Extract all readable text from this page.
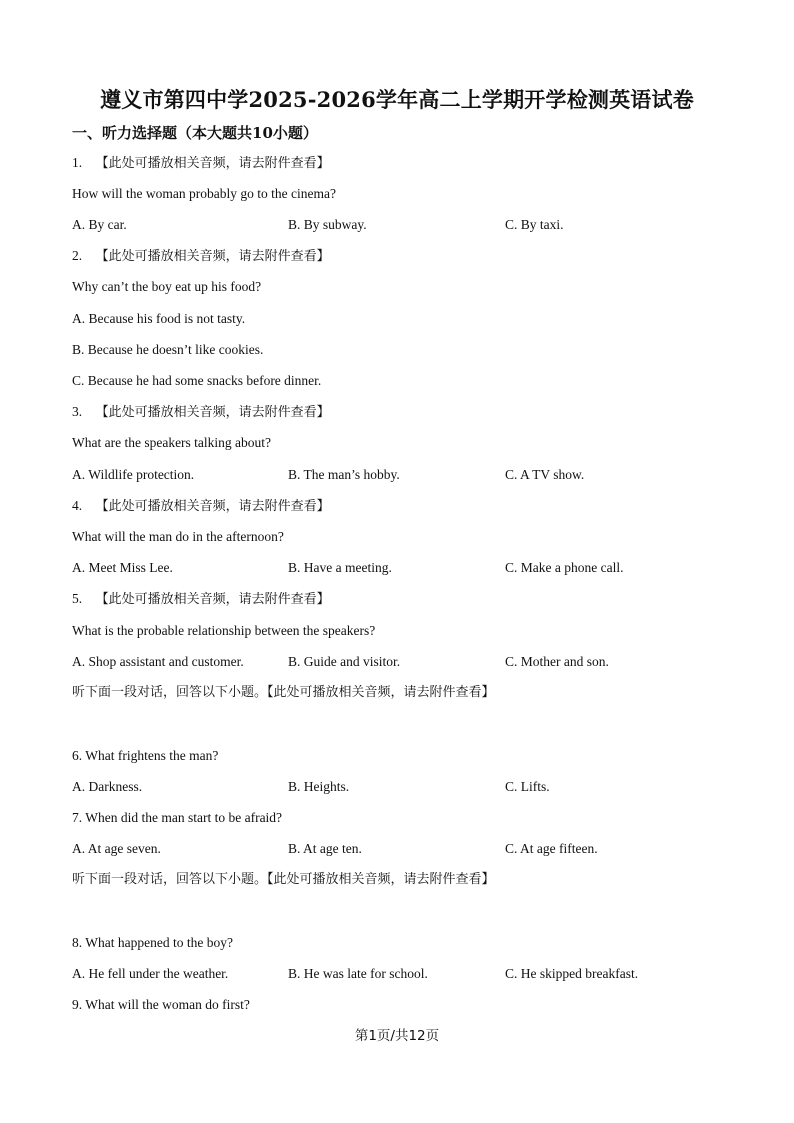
遵义市第四中学2025-2026学年高二上学期开学检测英语试卷
一、听力选择题（本大题共10小题）
1. 【此处可播放相关音频，请去附件查看】
How will the woman probably go to the cinema?
A. By car.	B. By subway.	C. By taxi.
2. 【此处可播放相关音频，请去附件查看】
Why can’t the boy eat up his food?
A. Because his food is not tasty.
B. Because he doesn’t like cookies.
C. Because he had some snacks before dinner.
3. 【此处可播放相关音频，请去附件查看】
What are the speakers talking about?
A. Wildlife protection.	B. The man’s hobby.	C. A TV show.
4. 【此处可播放相关音频，请去附件查看】
What will the man do in the afternoon?
A. Meet Miss Lee.	B. Have a meeting.	C. Make a phone call.
5. 【此处可播放相关音频，请去附件查看】
What is the probable relationship between the speakers?
A. Shop assistant and customer.	B. Guide and visitor.	C. Mother and son.
听下面一段对话，回答以下小题。【此处可播放相关音频，请去附件查看】
6. What frightens the man?
A. Darkness.	B. Heights.	C. Lifts.
7. When did the man start to be afraid?
A. At age seven.	B. At age ten.	C. At age fifteen.
听下面一段对话，回答以下小题。【此处可播放相关音频，请去附件查看】
8. What happened to the boy?
A. He fell under the weather.	B. He was late for school.	C. He skipped breakfast.
9. What will the woman do first?
第1页/共12页
